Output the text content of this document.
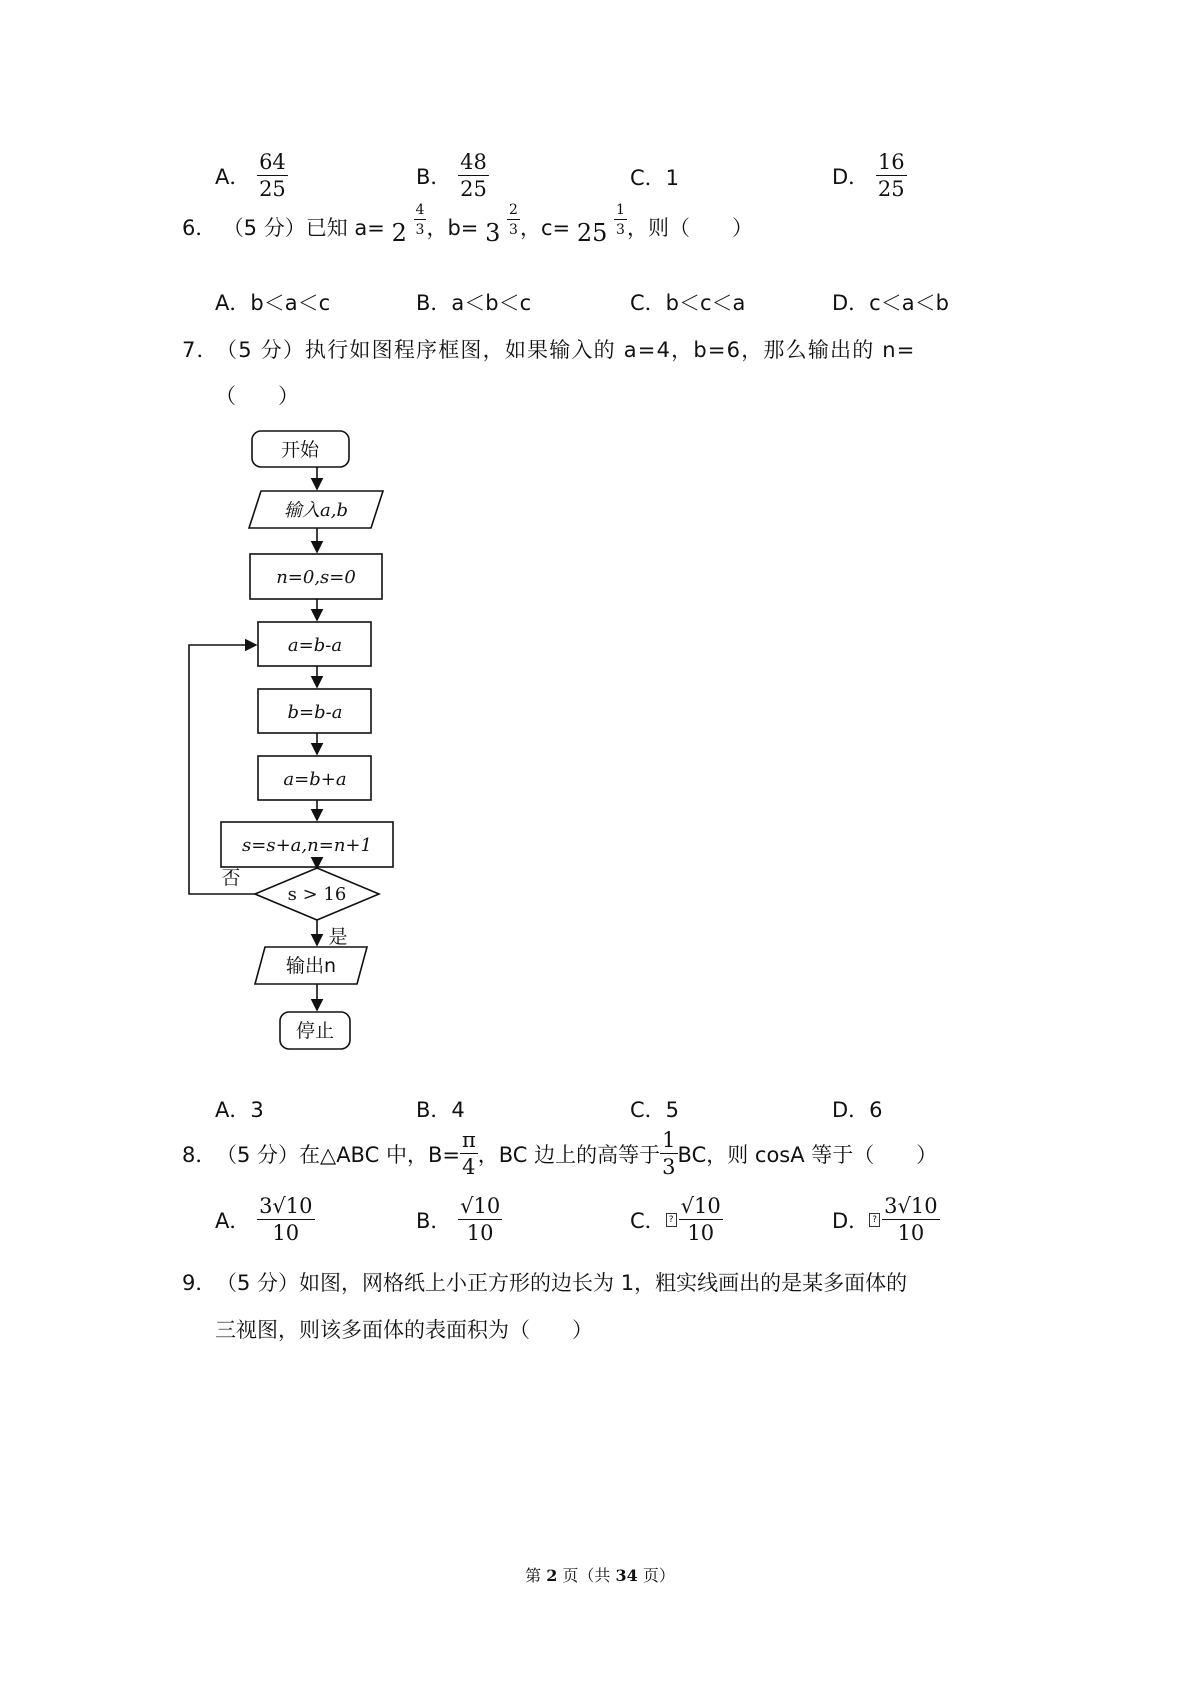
A． $\frac{64}{25}$	B． $\frac{48}{25}$	C．1	D． $\frac{16}{25}$
6． （5 分）已知 $a= 2 \frac{4}{3}$ ，$b= 3 \frac{2}{3}$ ，$c= 25 \frac{1}{3}$ ，则（　　）
A．b＜a＜c	B．a＜b＜c	C．b＜c＜a	D．c＜a＜b
7．（5 分）执行如图程序框图，如果输入的 a=4，b=6，那么输出的 n=
（　　）
开始
输入a,b
n=0,s=0
a=b-a
b=b-a
a=b+a
s=s+a,n=n+1
s > 16
否
是
输出n
停止
A．3	B．4	C．5	D．6
8．（5 分）在△ABC 中，$B= \frac{\pi}{4}$ ，BC 边上的高等于 $\frac{1}{3}$ BC，则 cosA 等于（　　）
A． $\frac{3√10}{10}$	B． $\frac{√10}{10}$	C． ? $\frac{√10}{10}$	D． ? $\frac{3√10}{10}$
9．（5 分）如图，网格纸上小正方形的边长为 1，粗实线画出的是某多面体的
三视图，则该多面体的表面积为（　　）
第 2 页（共 34 页）
